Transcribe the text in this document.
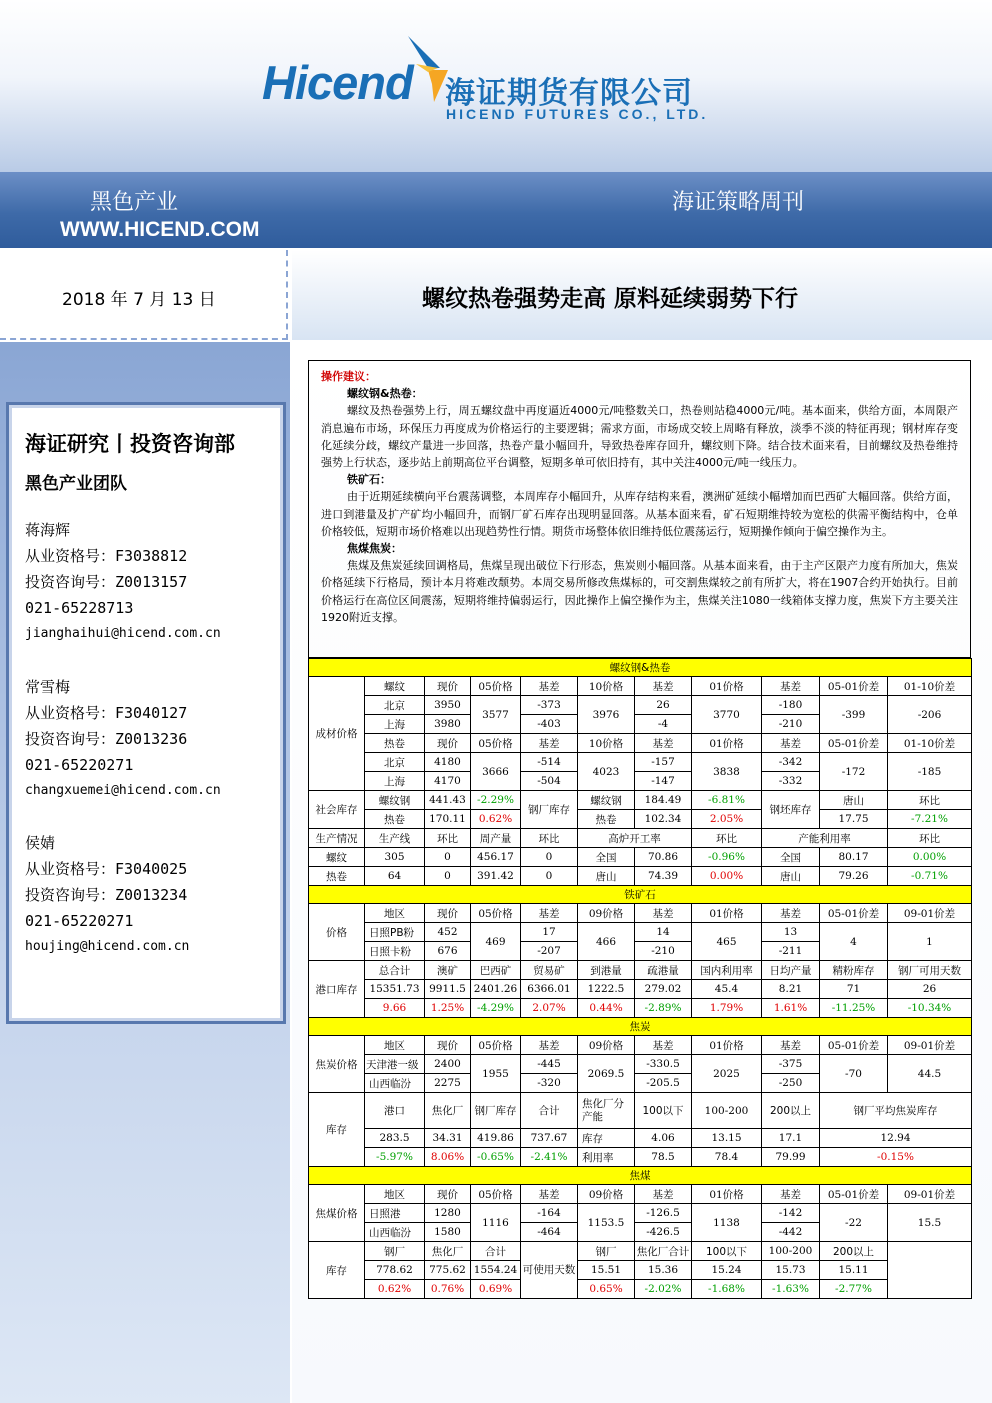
Hicend 海证期货有限公司
HICEND FUTURES CO., LTD.
黑色产业
WWW.HICEND.COM
海证策略周刊
2018 年 7 月 13 日	螺纹热卷强势走高 原料延续弱势下行
海证研究丨投资咨询部
黑色产业团队
蒋海辉
从业资格号：F3038812
投资咨询号：Z0013157
021-65228713
jianghaihui@hicend.com.cn
常雪梅
从业资格号：F3040127
投资咨询号：Z0013236
021-65220271
changxuemei@hicend.com.cn
侯婧
从业资格号：F3040025
投资咨询号：Z0013234
021-65220271
houjing@hicend.com.cn
操作建议：
螺纹钢&热卷：

螺纹及热卷强势上行，周五螺纹盘中再度逼近4000元/吨整数关口，热卷则站稳4000元/吨。基本面来，供给方面，本周限产消息遍布市场，环保压力再度成为价格运行的主要逻辑；需求方面，市场成交较上周略有释放，淡季不淡的特征再现；钢材库存变化延续分歧，螺纹产量进一步回落，热卷产量小幅回升，导致热卷库存回升，螺纹则下降。结合技术面来看，目前螺纹及热卷维持强势上行状态，逐步站上前期高位平台调整，短期多单可依旧持有，其中关注4000元/吨一线压力。

铁矿石：

由于近期延续横向平台震荡调整，本周库存小幅回升，从库存结构来看，澳洲矿延续小幅增加而巴西矿大幅回落。供给方面，进口到港量及扩产矿均小幅回升，而钢厂矿石库存出现明显回落。从基本面来看，矿石短期维持较为宽松的供需平衡结构中，仓单价格较低，短期市场价格难以出现趋势性行情。期货市场整体依旧维持低位震荡运行，短期操作倾向于偏空操作为主。

焦煤焦炭：

焦煤及焦炭延续回调格局，焦煤呈现出破位下行形态，焦炭则小幅回落。从基本面来看，由于主产区限产力度有所加大，焦炭价格延续下行格局，预计本月将难改颓势。本周交易所修改焦煤标的，可交割焦煤较之前有所扩大，将在1907合约开始执行。目前价格运行在高位区间震荡，短期将维持偏弱运行，因此操作上偏空操作为主，焦煤关注1080一线箱体支撑力度，焦炭下方主要关注1920附近支撑。

螺纹钢&热卷										
成材价格	螺纹	现价	05价格	基差	10价格	基差	01价格	基差	05-01价差	01-10价差
	北京	3950	3577	-373	3976	26	3770	-180	-399	-206
	上海	3980		-403		-4		-210		
	热卷	现价	05价格	基差	10价格	基差	01价格	基差	05-01价差	01-10价差
	北京	4180	3666	-514	4023	-157	3838	-342	-172	-185
	上海	4170		-504		-147		-332		
社会库存	螺纹钢	441.43	-2.29%	钢厂库存	螺纹钢	184.49	-6.81%	钢坯库存	唐山	环比
	热卷	170.11	0.62%		热卷	102.34	2.05%		17.75	-7.21%
生产情况	生产线	环比	周产量	环比	高炉开工率		环比	产能利用率		环比
螺纹	305	0	456.17	0	全国	70.86	-0.96%	全国	80.17	0.00%
热卷	64	0	391.42	0	唐山	74.39	0.00%	唐山	79.26	-0.71%
铁矿石										
价格	地区	现价	05价格	基差	09价格	基差	01价格	基差	05-01价差	09-01价差
	日照PB粉	452	469	17	466	14	465	13	4	1
	日照卡粉	676		-207		-210		-211		
港口库存	总合计	澳矿	巴西矿	贸易矿	到港量	疏港量	国内利用率	日均产量	精粉库存	钢厂可用天数
	15351.73	9911.5	2401.26	6366.01	1222.5	279.02	45.4	8.21	71	26
	9.66	1.25%	-4.29%	2.07%	0.44%	-2.89%	1.79%	1.61%	-11.25%	-10.34%
焦炭										
焦炭价格	地区	现价	05价格	基差	09价格	基差	01价格	基差	05-01价差	09-01价差
	天津港一级	2400	1955	-445	2069.5	-330.5	2025	-375	-70	44.5
	山西临汾	2275		-320		-205.5		-250		
库存	港口	焦化厂	钢厂库存	合计	焦化厂分产能	100以下	100-200	200以上	钢厂平均焦炭库存	
	283.5	34.31	419.86	737.67	库存	4.06	13.15	17.1	12.94	
	-5.97%	8.06%	-0.65%	-2.41%	利用率	78.5	78.4	79.99	-0.15%	
焦煤										
焦煤价格	地区	现价	05价格	基差	09价格	基差	01价格	基差	05-01价差	09-01价差
	日照港	1280	1116	-164	1153.5	-126.5	1138	-142	-22	15.5
	山西临汾	1580		-464		-426.5		-442		
库存	钢厂	焦化厂	合计	可使用天数	钢厂	焦化厂合计	100以下	100-200	200以上	
	778.62	775.62	1554.24		15.51	15.36	15.24	15.73	15.11	
	0.62%	0.76%	0.69%		0.65%	-2.02%	-1.68%	-1.63%	-2.77%	
